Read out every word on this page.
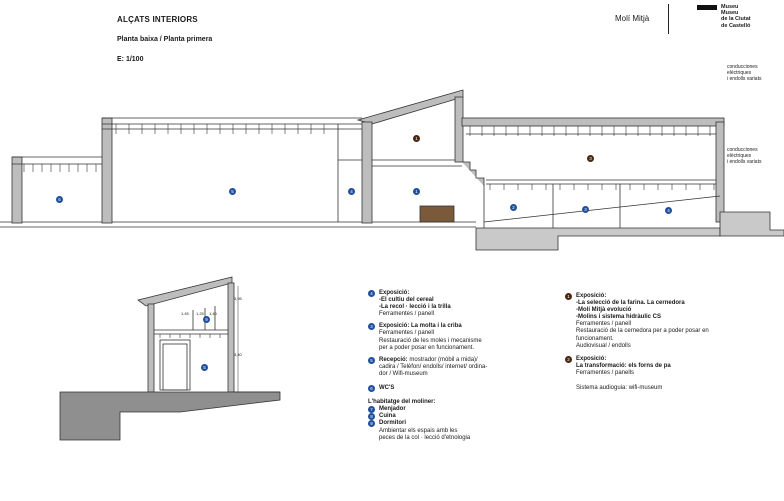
6
4
5
1
1
3
2	3	4
3,95
1,45 1,25 1,40
3,40
9
5
ALÇATS INTERIORS
Planta baixa / Planta primera
E: 1/100
Molí Mitjà
Museu
Museu
de la Ciutat
de Castelló
conducciones
eléctriques
i endolls variats
conducciones
elèctriques
i endolls variats
4	Exposició:
-El cultiu del cereal
-La recol · lecció i la trilla
Ferramentes / panell
3	Exposició: La molta i la criba
Ferramentes / panell
Restauració de les moles i mecanisme
per a poder posar en funcionament.
5	Recepció: mostrador (mòbil a mida)/
cadira / Telèfon/ endolls/ internet/ ordina-
dor / Wifi-museum
6	WC'S
L'habitatge del moliner:
7	Menjador
8	Cuina
9	Dormitori
Ambientar els espais amb les
peces de la col · lecció d'etnologia
1	Exposició:
-La selecció de la farina. La cernedora
-Molí Mitjà evolució
-Molins i sistema hidràulic CS
Ferramentes / panell
Restauració de la cernedora per a poder posar en
funcionament.
Audiovisual / endolls
2	Exposició:
La transformació: els forns de pa
Ferramentes / panells
Sistema audioguia: wifi-museum
